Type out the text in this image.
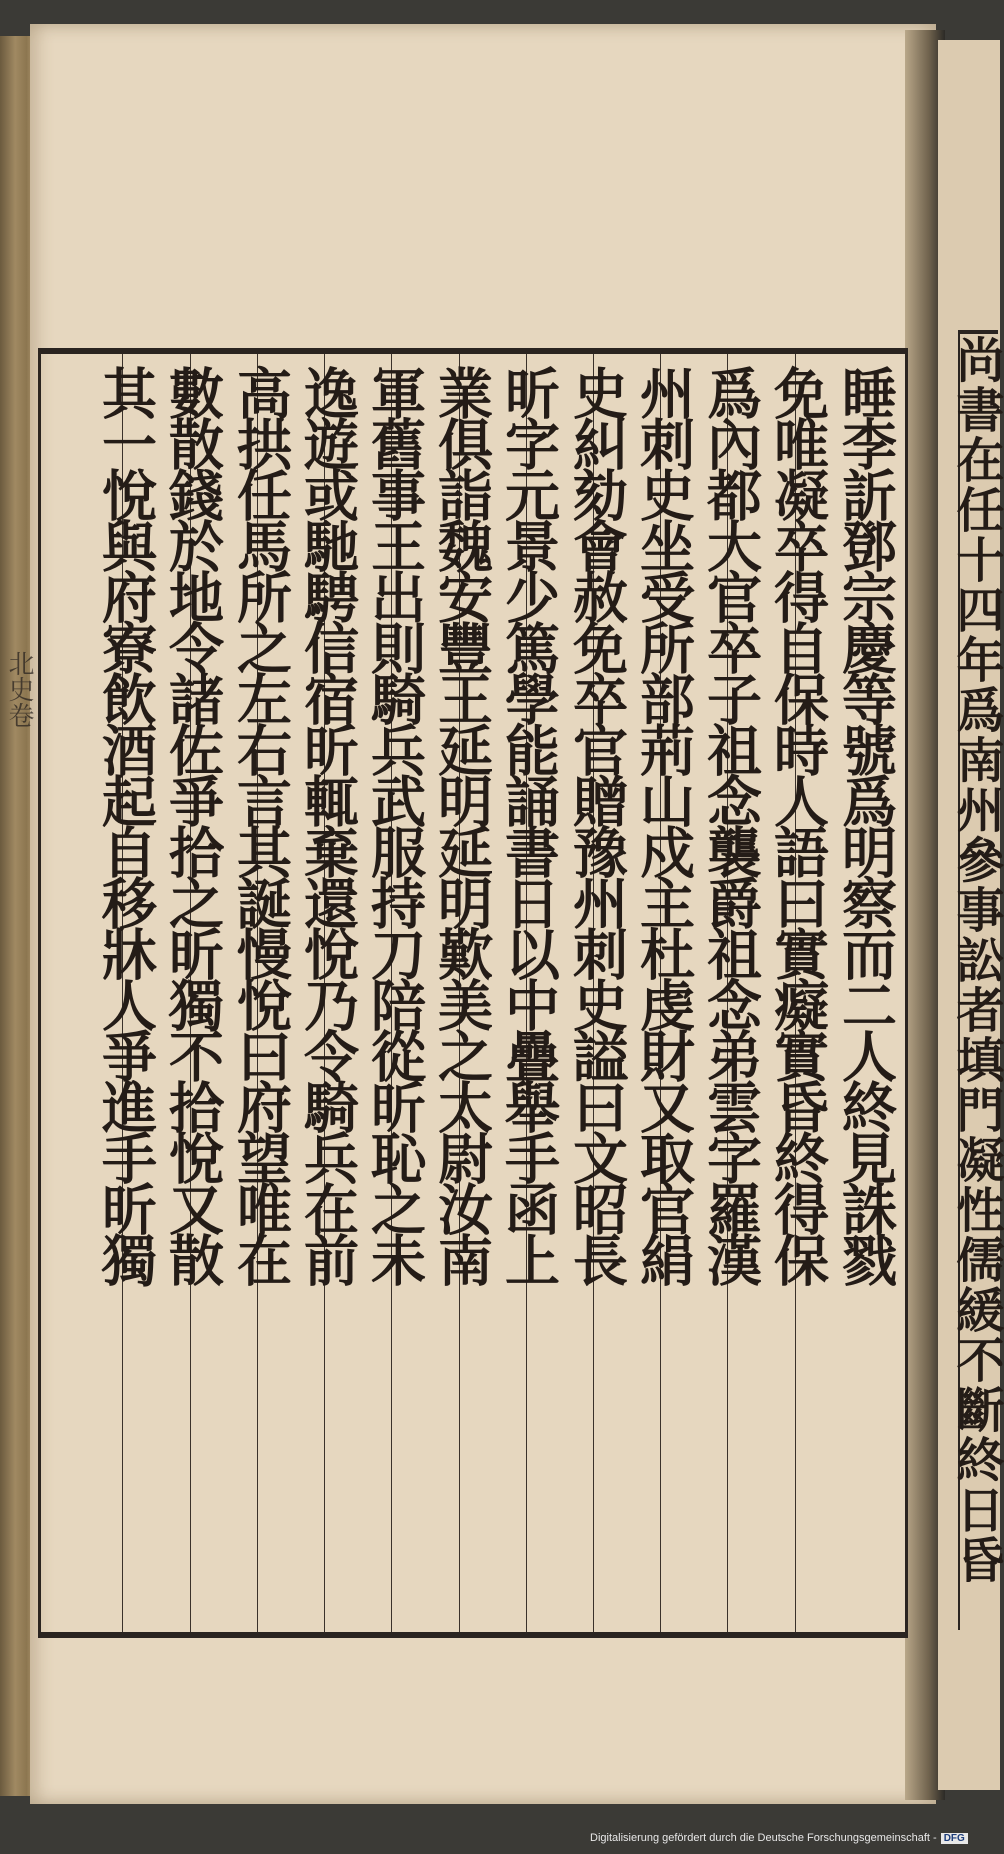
北史卷	睡李訢鄧宗慶等號爲明察而二人終見誅戮
免唯凝卒得自保時人語曰實癡實昏終得保
爲內都大官卒子祖念襲爵祖念弟雲字羅漢
州刺史坐受所部荊山戍主杜虔財又取官絹
史糾劾會赦免卒官贈豫州刺史謚曰文昭長
昕字元景少篤學能誦書日以中疊舉手函上
業俱詣魏安豐王延明延明歎美之太尉汝南
軍舊事王出則騎兵武服持刀陪從昕恥之未
逸遊或馳騁信宿昕輒棄還悅乃令騎兵在前
高拱任馬所之左右言其誕慢悅曰府望唯在
數散錢於地令諸佐爭拾之昕獨不拾悅又散
其一悅與府寮飲酒起自移牀人爭進手昕獨	尚書在任十四年爲南州參事訟者填門凝性儒緩不斷終日昏
Digitalisierung gefördert durch die Deutsche Forschungsgemeinschaft - DFG
